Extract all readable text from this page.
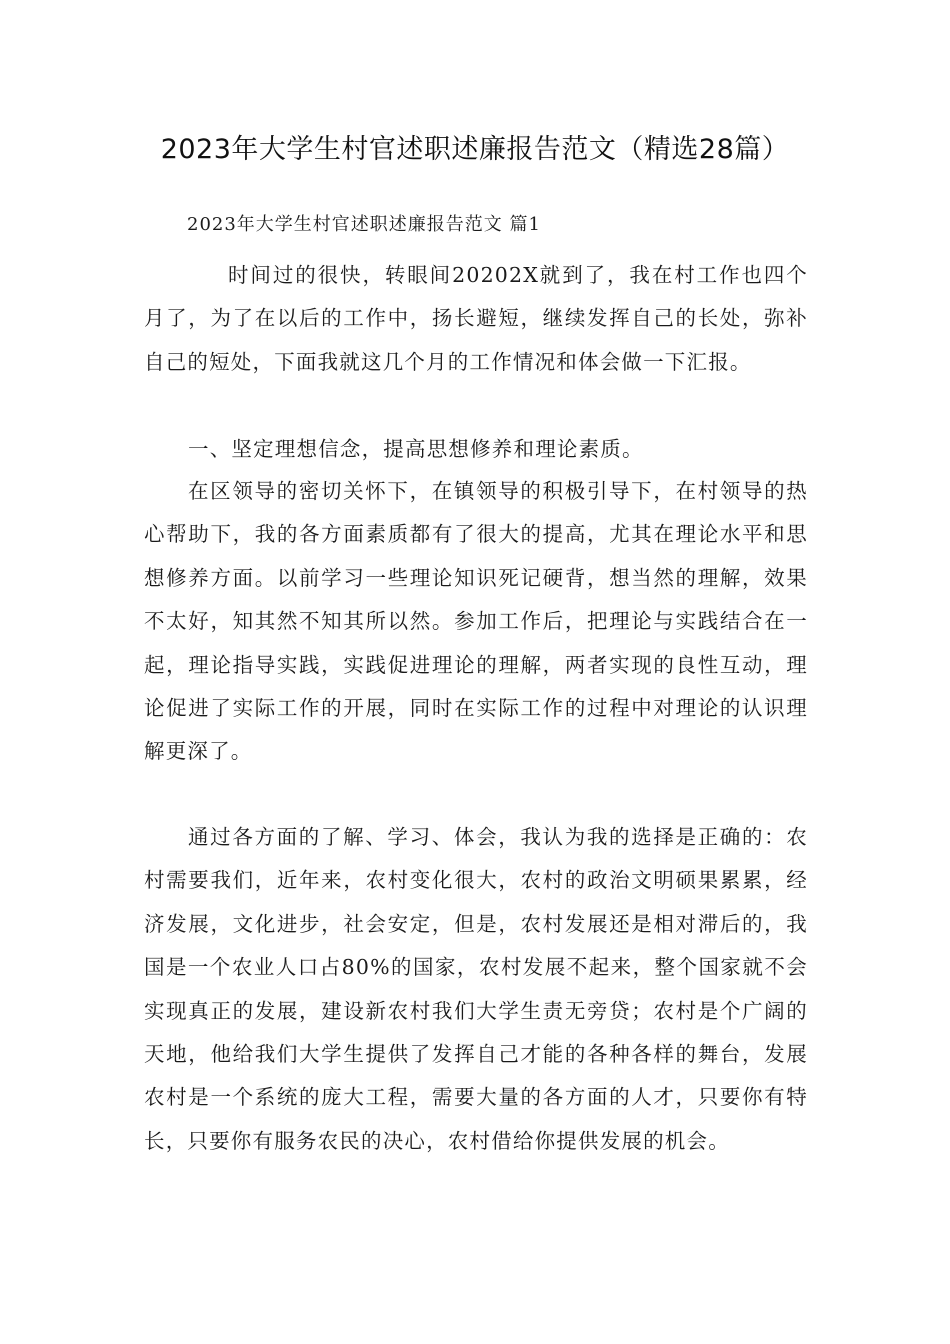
2023年大学生村官述职述廉报告范文（精选28篇）
2023年大学生村官述职述廉报告范文 篇1

时间过的很快，转眼间20202X就到了，我在村工作也四个月了，为了在以后的工作中，扬长避短，继续发挥自己的长处，弥补自己的短处，下面我就这几个月的工作情况和体会做一下汇报。

一、坚定理想信念，提高思想修养和理论素质。

在区领导的密切关怀下，在镇领导的积极引导下，在村领导的热心帮助下，我的各方面素质都有了很大的提高，尤其在理论水平和思想修养方面。以前学习一些理论知识死记硬背，想当然的理解，效果不太好，知其然不知其所以然。参加工作后，把理论与实践结合在一起，理论指导实践，实践促进理论的理解，两者实现的良性互动，理论促进了实际工作的开展，同时在实际工作的过程中对理论的认识理解更深了。

通过各方面的了解、学习、体会，我认为我的选择是正确的：农村需要我们，近年来，农村变化很大，农村的政治文明硕果累累，经济发展，文化进步，社会安定，但是，农村发展还是相对滞后的，我国是一个农业人口占80%的国家，农村发展不起来，整个国家就不会实现真正的发展，建设新农村我们大学生责无旁贷；农村是个广阔的天地，他给我们大学生提供了发挥自己才能的各种各样的舞台，发展农村是一个系统的庞大工程，需要大量的各方面的人才，只要你有特长，只要你有服务农民的决心，农村借给你提供发展的机会。
